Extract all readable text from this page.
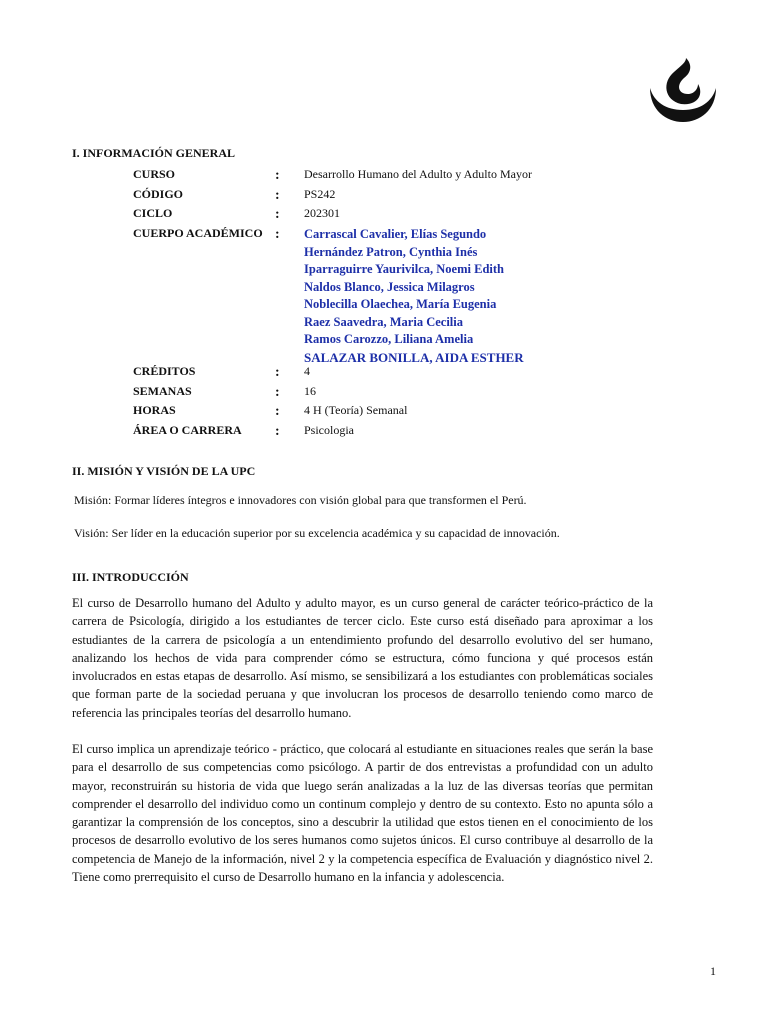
I. INFORMACIÓN GENERAL
CURSO	: Desarrollo Humano del Adulto y Adulto Mayor
CÓDIGO	: PS242
CICLO	: 202301
CUERPO ACADÉMICO : Carrascal Cavalier, Elías Segundo
Hernández Patron, Cynthia Inés
Iparraguirre Yaurivilca, Noemi Edith
Naldos Blanco, Jessica Milagros
Noblecilla Olaechea, María Eugenia
Raez Saavedra, Maria Cecilia
Ramos Carozzo, Liliana Amelia
SALAZAR BONILLA, AIDA ESTHER
CRÉDITOS	: 4
SEMANAS	: 16
HORAS	: 4 H (Teoría) Semanal
ÁREA O CARRERA : Psicologia
II. MISIÓN Y VISIÓN DE LA UPC

Misión: Formar líderes íntegros e innovadores con visión global para que transformen el Perú.

Visión: Ser líder en la educación superior por su excelencia académica y su capacidad de innovación.

III. INTRODUCCIÓN

El curso de Desarrollo humano del Adulto y adulto mayor, es un curso general de carácter teórico-práctico de la carrera de Psicología, dirigido a los estudiantes de tercer ciclo. Este curso está diseñado para aproximar a los estudiantes de la carrera de psicología a un entendimiento profundo del desarrollo evolutivo del ser humano, analizando los hechos de vida para comprender cómo se estructura, cómo funciona y qué procesos están involucrados en estas etapas de desarrollo. Así mismo, se sensibilizará a los estudiantes con problemáticas sociales que forman parte de la sociedad peruana y que involucran los procesos de desarrollo teniendo como marco de referencia las principales teorías del desarrollo humano.

El curso implica un aprendizaje teórico - práctico, que colocará al estudiante en situaciones reales que serán la base para el desarrollo de sus competencias como psicólogo. A partir de dos entrevistas a profundidad con un adulto mayor, reconstruirán su historia de vida que luego serán analizadas a la luz de las diversas teorías que permitan comprender el desarrollo del individuo como un continum complejo y dentro de su contexto. Esto no apunta sólo a garantizar la comprensión de los conceptos, sino a descubrir la utilidad que estos tienen en el conocimiento de los procesos de desarrollo evolutivo de los seres humanos como sujetos únicos. El curso contribuye al desarrollo de la competencia de Manejo de la información, nivel 2 y la competencia específica de Evaluación y diagnóstico nivel 2. Tiene como prerrequisito el curso de Desarrollo humano en la infancia y adolescencia.

1
